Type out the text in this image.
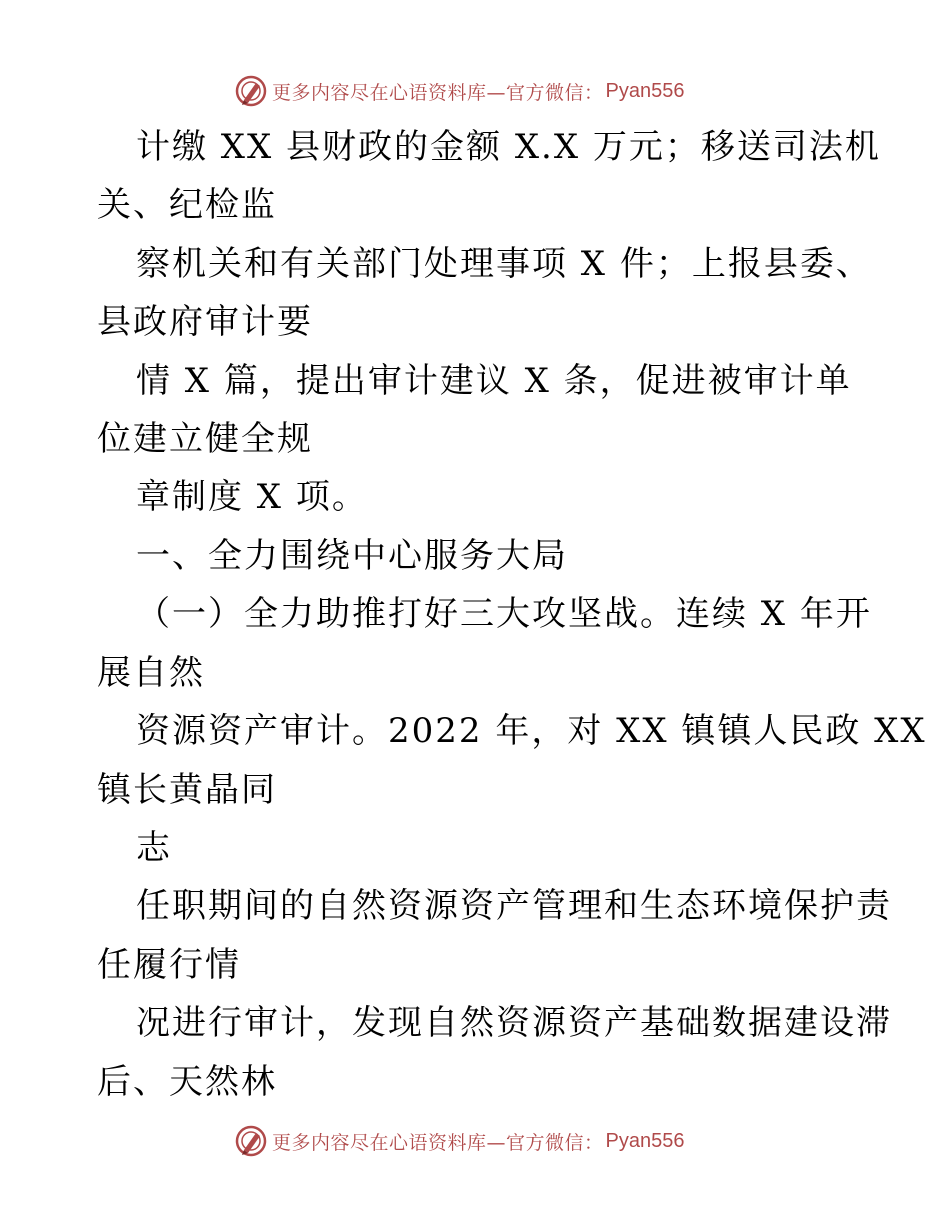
更多内容尽在心语资料库—官方微信： Pyan556
计缴 XX 县财政的金额 X.X 万元；移送司法机
关、纪检监
察机关和有关部门处理事项 X 件；上报县委、
县政府审计要
情 X 篇，提出审计建议 X 条，促进被审计单
位建立健全规
章制度 X 项。
一、全力围绕中心服务大局
（一）全力助推打好三大攻坚战。连续 X 年开
展自然
资源资产审计。2022 年，对 XX 镇镇人民政 XX
镇长黄晶同
志
任职期间的自然资源资产管理和生态环境保护责
任履行情
况进行审计，发现自然资源资产基础数据建设滞
后、天然林
更多内容尽在心语资料库—官方微信： Pyan556
